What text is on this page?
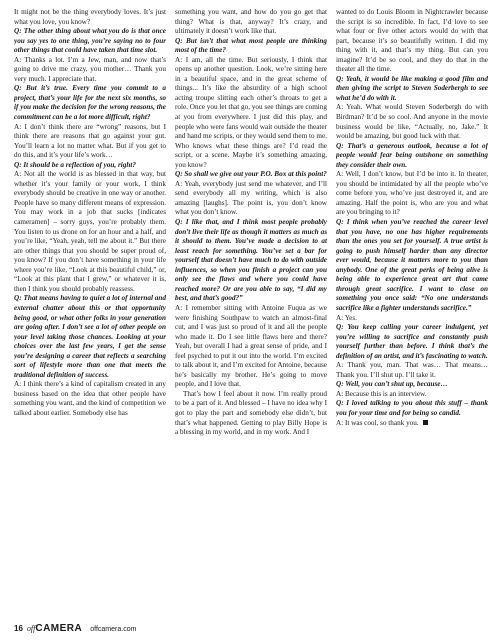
It might not be the thing everybody loves. It’s just what you love, you know?

Q: The other thing about what you do is that once you say yes to one thing, you’re saying no to four other things that could have taken that time slot.

A: Thanks a lot. I’m a Jew, man, and now that’s going to drive me crazy, you mother… Thank you very much. I appreciate that.

Q: But it’s true. Every time you commit to a project, that’s your life for the next six months, so if you make the decision for the wrong reasons, the commitment can be a lot more difficult, right?

A: I don’t think there are “wrong” reasons, but I think there are reasons that go against your gut. You’ll learn a lot no matter what. But if you get to do this, and it’s your life’s work…

Q: It should be a reflection of you, right?

A: Not all the world is as blessed in that way, but whether it’s your family or your work, I think everybody should be creative in one way or another. People have so many different means of expression. You may work in a job that sucks [indicates cameramen] – sorry guys, you’re probably them. You listen to us drone on for an hour and a half, and you’re like, “Yeah, yeah, tell me about it.” But there are other things that you should be super proud of, you know? If you don’t have something in your life where you’re like, “Look at this beautiful child,” or, “Look at this plant that I grew,” or whatever it is, then I think you should probably reassess.

Q: That means having to quiet a lot of internal and external chatter about this or that opportunity being good, or what other folks in your generation are going after. I don’t see a lot of other people on your level taking those chances. Looking at your choices over the last few years, I get the sense you’re designing a career that reflects a searching sort of lifestyle more than one that meets the traditional definition of success.

A: I think there’s a kind of capitalism created in any business based on the idea that other people have something you want, and the kind of competition we talked about earlier. Somebody else has

something you want, and how do you go get that thing? What is that, anyway? It’s crazy, and ultimately it doesn’t work like that.

Q: But isn’t that what most people are thinking most of the time?

A: I am, all the time. But seriously, I think that opens up another question. Look, we’re sitting here in a beautiful space, and in the great scheme of things... It’s like the absurdity of a high school acting troupe slitting each other’s throats to get a role. Once you let that go, you see things are coming at you from everywhere. I just did this play, and people who were fans would wait outside the theater and hand me scripts, or they would send them to me. Who knows what these things are? I’d read the script, or a scene. Maybe it’s something amazing, you know?

Q: So shall we give out your P.O. Box at this point?

A: Yeah, everybody just send me whatever, and I’ll send everybody all my writing, which is also amazing [laughs]. The point is, you don’t know what you don’t know.

Q: I like that, and I think most people probably don’t live their life as though it matters as much as it should to them. You’ve made a decision to at least reach for something. You’ve set a bar for yourself that doesn’t have much to do with outside influences, so when you finish a project can you only see the flaws and where you could have reached more? Or are you able to say, “I did my best, and that’s good?”

A: I remember sitting with Antoine Fuqua as we were finishing Southpaw to watch an almost-final cut, and I was just so proud of it and all the people who made it. Do I see little flaws here and there? Yeah, but overall I had a great sense of pride, and I feel psyched to put it out into the world. I’m excited to talk about it, and I’m excited for Antoine, because he’s basically my brother. He’s going to move people, and I love that.

That’s how I feel about it now. I’m really proud to be a part of it. And blessed – I have no idea why I got to play the part and somebody else didn’t, but that’s what happened. Getting to play Billy Hope is a blessing in my world, and in my work. And I

wanted to do Louis Bloom in Nightcrawler because the script is so incredible. In fact, I’d love to see what four or five other actors would do with that part, because it’s so beautifully written. I did my thing with it, and that’s my thing. But can you imagine? It’d be so cool, and they do that in the theater all the time.

Q: Yeah, it would be like making a good film and then giving the script to Steven Soderbergh to see what he’d do with it.

A: Yeah. What would Steven Soderbergh do with Birdman? It’d be so cool. And anyone in the movie business would be like, “Actually, no, Jake.” It would be amazing, but good luck with that.

Q: That’s a generous outlook, because a lot of people would fear being outshone on something they consider their own.

A: Well, I don’t know, but I’d be into it. In theater, you should be intimidated by all the people who’ve come before you, who’ve just destroyed it, and are amazing. Half the point is, who are you and what are you bringing to it?

Q: I think when you’ve reached the career level that you have, no one has higher requirements than the ones you set for yourself. A true artist is going to push himself harder than any director ever would, because it matters more to you than anybody. One of the great perks of being alive is being able to experience great art that came through great sacrifice. I want to close on something you once said: “No one understands sacrifice like a fighter understands sacrifice.”

A: Yes.

Q: You keep calling your career indulgent, yet you’re willing to sacrifice and constantly push yourself further than before. I think that’s the definition of an artist, and it’s fascinating to watch.

A: Thank you, man. That was… That means… Thank you. I’ll shut up. I’ll take it.

Q: Well, you can’t shut up, because…

A: Because this is an interview.

Q: I loved talking to you about this stuff – thank you for your time and for being so candid.

A: It was cool, so thank you.

16 offCAMERA offcamera.com
